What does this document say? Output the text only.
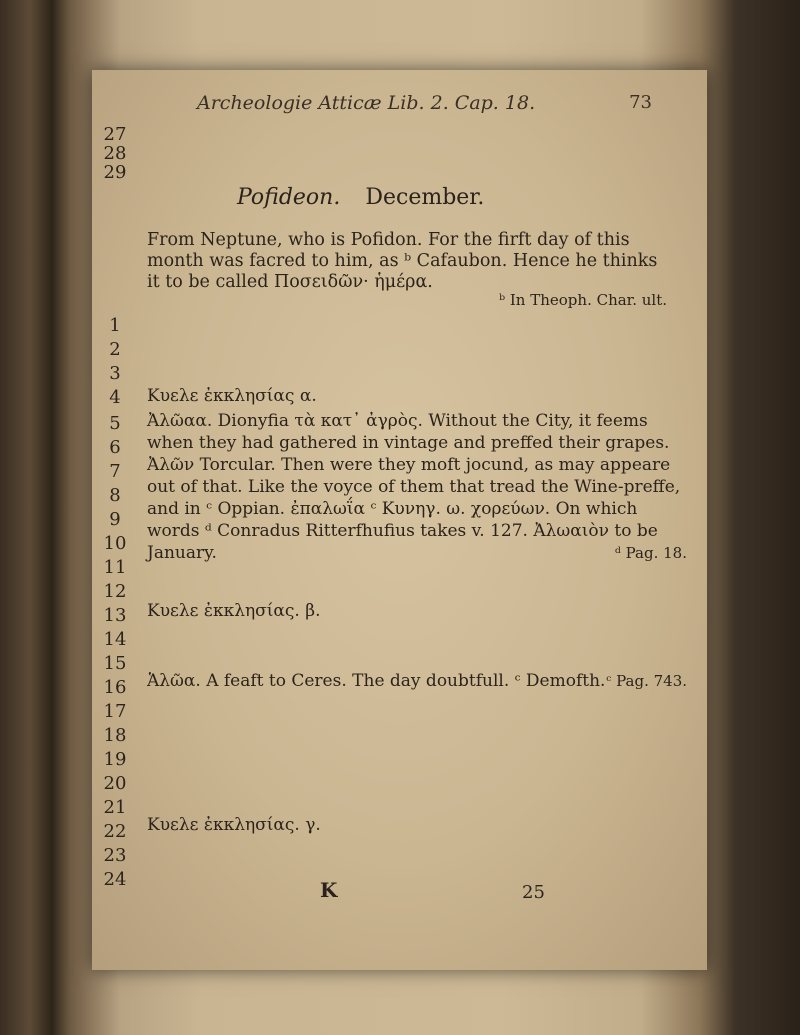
Archeologie Atticæ Lib. 2. Cap. 18.	73
27
28
29
1
2
3
4
5
6
7
8
9
10
11
12
13
14
15
16
17
18
19
20
21
22
23
24
Pofideon. December.
From Neptune, who is Pofidon. For the firft day of this month was facred to him, as ᵇ Cafaubon. Hence he thinks it to be called Ποσειδῶν· ἡμέρα.
ᵇ In Theoph. Char. ult.
Κυελε ἐκκλησίας α.
Ἀλῶαα. Dionyfia τὰ κατ᾿ ἀγρὸς. Without the City, it feems when they had gathered in vintage and preffed their grapes. Ἀλῶν Torcular. Then were they moft jocund, as may appeare out of that. Like the voyce of them that tread the Wine-preffe, and in ᶜ Oppian. ἐπαλωΐα ᶜ Κυνηγ. ω. χορεύων. On which words ᵈ Conradus Ritterfhufius takes v. 127. Ἀλωαιὸν to be January.	ᵈ Pag. 18.
Κυελε ἐκκλησίας. β.
Ἁλῶα. A feaft to Ceres. The day doubtfull. ᶜ Demofth. ᶜ Pag. 743.
Κυελε ἐκκλησίας. γ.
K	25
